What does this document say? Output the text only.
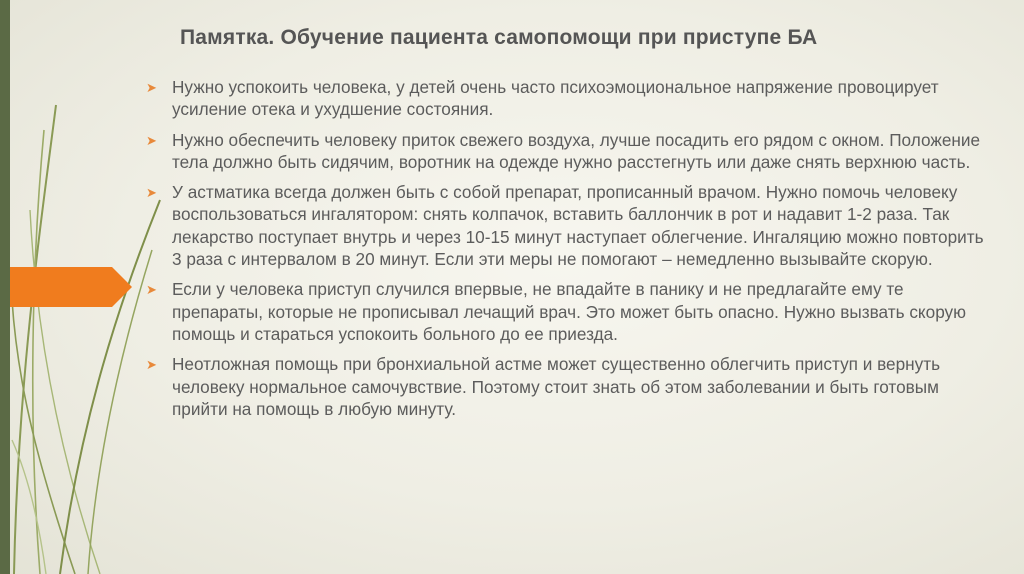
Памятка. Обучение пациента самопомощи при приступе БА
➤ Нужно успокоить человека, у детей очень часто психоэмоциональное напряжение провоцирует усиление отека и ухудшение состояния.
➤ Нужно обеспечить человеку приток свежего воздуха, лучше посадить его рядом с окном. Положение тела должно быть сидячим, воротник на одежде нужно расстегнуть или даже снять верхнюю часть.
➤ У астматика всегда должен быть с собой препарат, прописанный врачом. Нужно помочь человеку воспользоваться ингалятором: снять колпачок, вставить баллончик в рот и надавит 1-2 раза. Так лекарство поступает внутрь и через 10-15 минут наступает облегчение. Ингаляцию можно повторить 3 раза с интервалом в 20 минут. Если эти меры не помогают – немедленно вызывайте скорую.
➤ Если у человека приступ случился впервые, не впадайте в панику и не предлагайте ему те препараты, которые не прописывал лечащий врач. Это может быть опасно. Нужно вызвать скорую помощь и стараться успокоить больного до ее приезда.
➤ Неотложная помощь при бронхиальной астме может существенно облегчить приступ и вернуть человеку нормальное самочувствие. Поэтому стоит знать об этом заболевании и быть готовым прийти на помощь в любую минуту.
